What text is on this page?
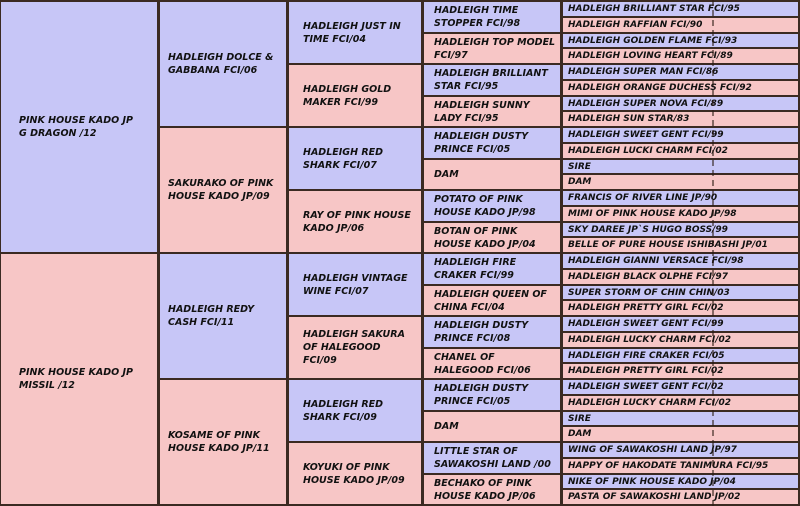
PINK HOUSE KADO JP G DRAGON /12
PINK HOUSE KADO JP MISSIL /12
HADLEIGH DOLCE & GABBANA FCI/06
SAKURAKO OF PINK HOUSE KADO JP/09
HADLEIGH REDY CASH FCI/11
KOSAME OF PINK HOUSE KADO JP/11
HADLEIGH JUST IN TIME FCI/04
HADLEIGH GOLD MAKER FCI/99
HADLEIGH RED SHARK FCI/07
RAY OF PINK HOUSE KADO JP/06
HADLEIGH VINTAGE WINE FCI/07
HADLEIGH SAKURA OF HALEGOOD FCI/09
HADLEIGH RED SHARK FCI/09
KOYUKI OF PINK HOUSE KADO JP/09
HADLEIGH TIME STOPPER FCI/98
HADLEIGH TOP MODEL FCI/97
HADLEIGH BRILLIANT STAR FCI/95
HADLEIGH SUNNY LADY FCI/95
HADLEIGH DUSTY PRINCE FCI/05
DAM
POTATO OF PINK HOUSE KADO JP/98
BOTAN OF PINK HOUSE KADO JP/04
HADLEIGH FIRE CRAKER FCI/99
HADLEIGH QUEEN OF CHINA FCI/04
HADLEIGH DUSTY PRINCE FCI/08
CHANEL OF HALEGOOD FCI/06
HADLEIGH DUSTY PRINCE FCI/05
DAM
LITTLE STAR OF SAWAKOSHI LAND /00
BECHAKO OF PINK HOUSE KADO JP/06
HADLEIGH BRILLIANT STAR FCI/95
HADLEIGH RAFFIAN FCI/90
HADLEIGH GOLDEN FLAME FCI/93
HADLEIGH LOVING HEART FCI/89
HADLEIGH SUPER MAN FCI/86
HADLEIGH ORANGE DUCHESS FCI/92
HADLEIGH SUPER NOVA FCI/89
HADLEIGH SUN STAR/83
HADLEIGH SWEET GENT FCI/99
HADLEIGH LUCKI CHARM FCI/02
SIRE
DAM
FRANCIS OF RIVER LINE JP/90
MIMI OF PINK HOUSE KADO JP/98
SKY DAREE JP`S HUGO BOSS/99
BELLE OF PURE HOUSE ISHIBASHI JP/01
HADLEIGH GIANNI VERSACE FCI/98
HADLEIGH BLACK OLPHE FCI/97
SUPER STORM OF CHIN CHIN/03
HADLEIGH PRETTY GIRL FCI/02
HADLEIGH SWEET GENT FCI/99
HADLEIGH LUCKY CHARM FCI/02
HADLEIGH FIRE CRAKER FCI/05
HADLEIGH PRETTY GIRL FCI/02
HADLEIGH SWEET GENT FCI/02
HADLEIGH LUCKY CHARM FCI/02
SIRE
DAM
WING OF SAWAKOSHI LAND JP/97
HAPPY OF HAKODATE TANIMURA FCI/95
NIKE OF PINK HOUSE KADO JP/04
PASTA OF SAWAKOSHI LAND JP/02
